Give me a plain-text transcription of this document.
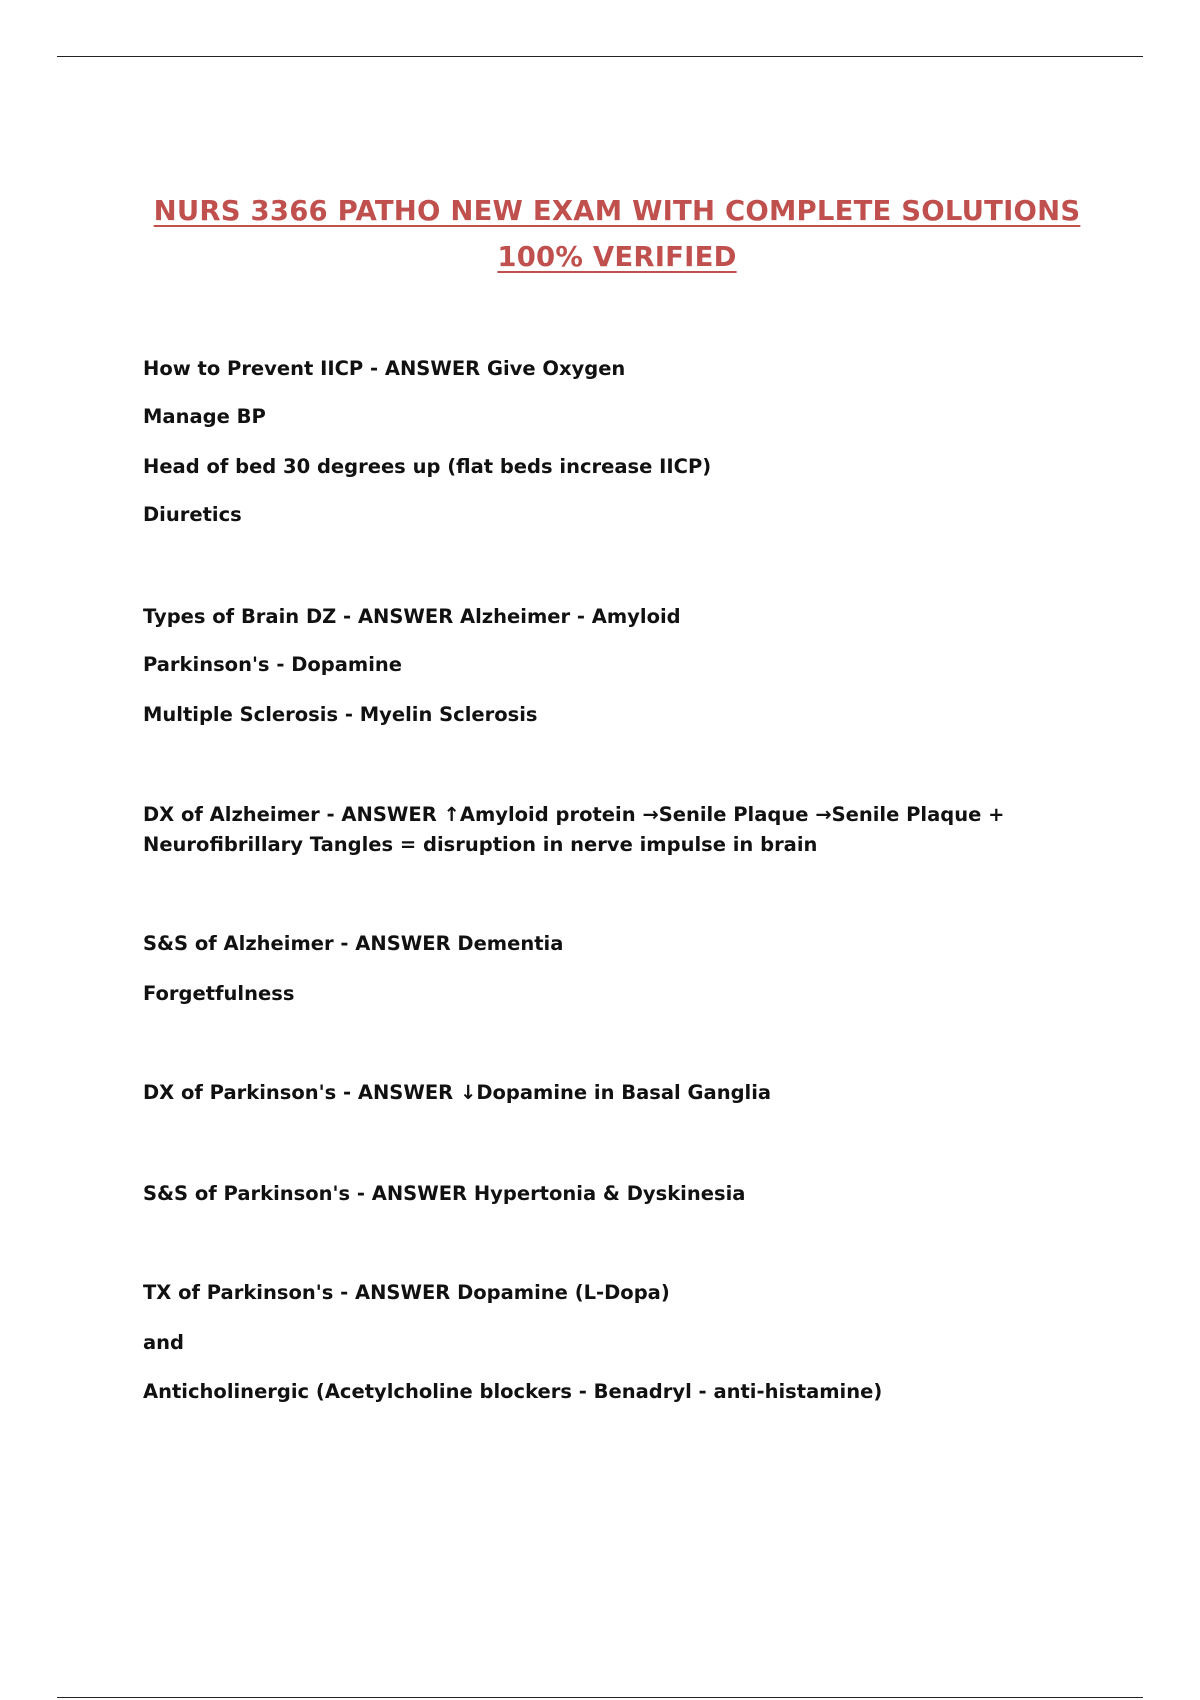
NURS 3366 PATHO NEW EXAM WITH COMPLETE SOLUTIONS
100% VERIFIED
How to Prevent IICP - ANSWER Give Oxygen
Manage BP
Head of bed 30 degrees up (flat beds increase IICP)
Diuretics
Types of Brain DZ - ANSWER Alzheimer - Amyloid
Parkinson's - Dopamine
Multiple Sclerosis - Myelin Sclerosis
DX of Alzheimer - ANSWER ↑Amyloid protein →Senile Plaque →Senile Plaque +
Neurofibrillary Tangles = disruption in nerve impulse in brain
S&S of Alzheimer - ANSWER Dementia
Forgetfulness
DX of Parkinson's - ANSWER ↓Dopamine in Basal Ganglia
S&S of Parkinson's - ANSWER Hypertonia & Dyskinesia
TX of Parkinson's - ANSWER Dopamine (L-Dopa)
and
Anticholinergic (Acetylcholine blockers - Benadryl - anti-histamine)
